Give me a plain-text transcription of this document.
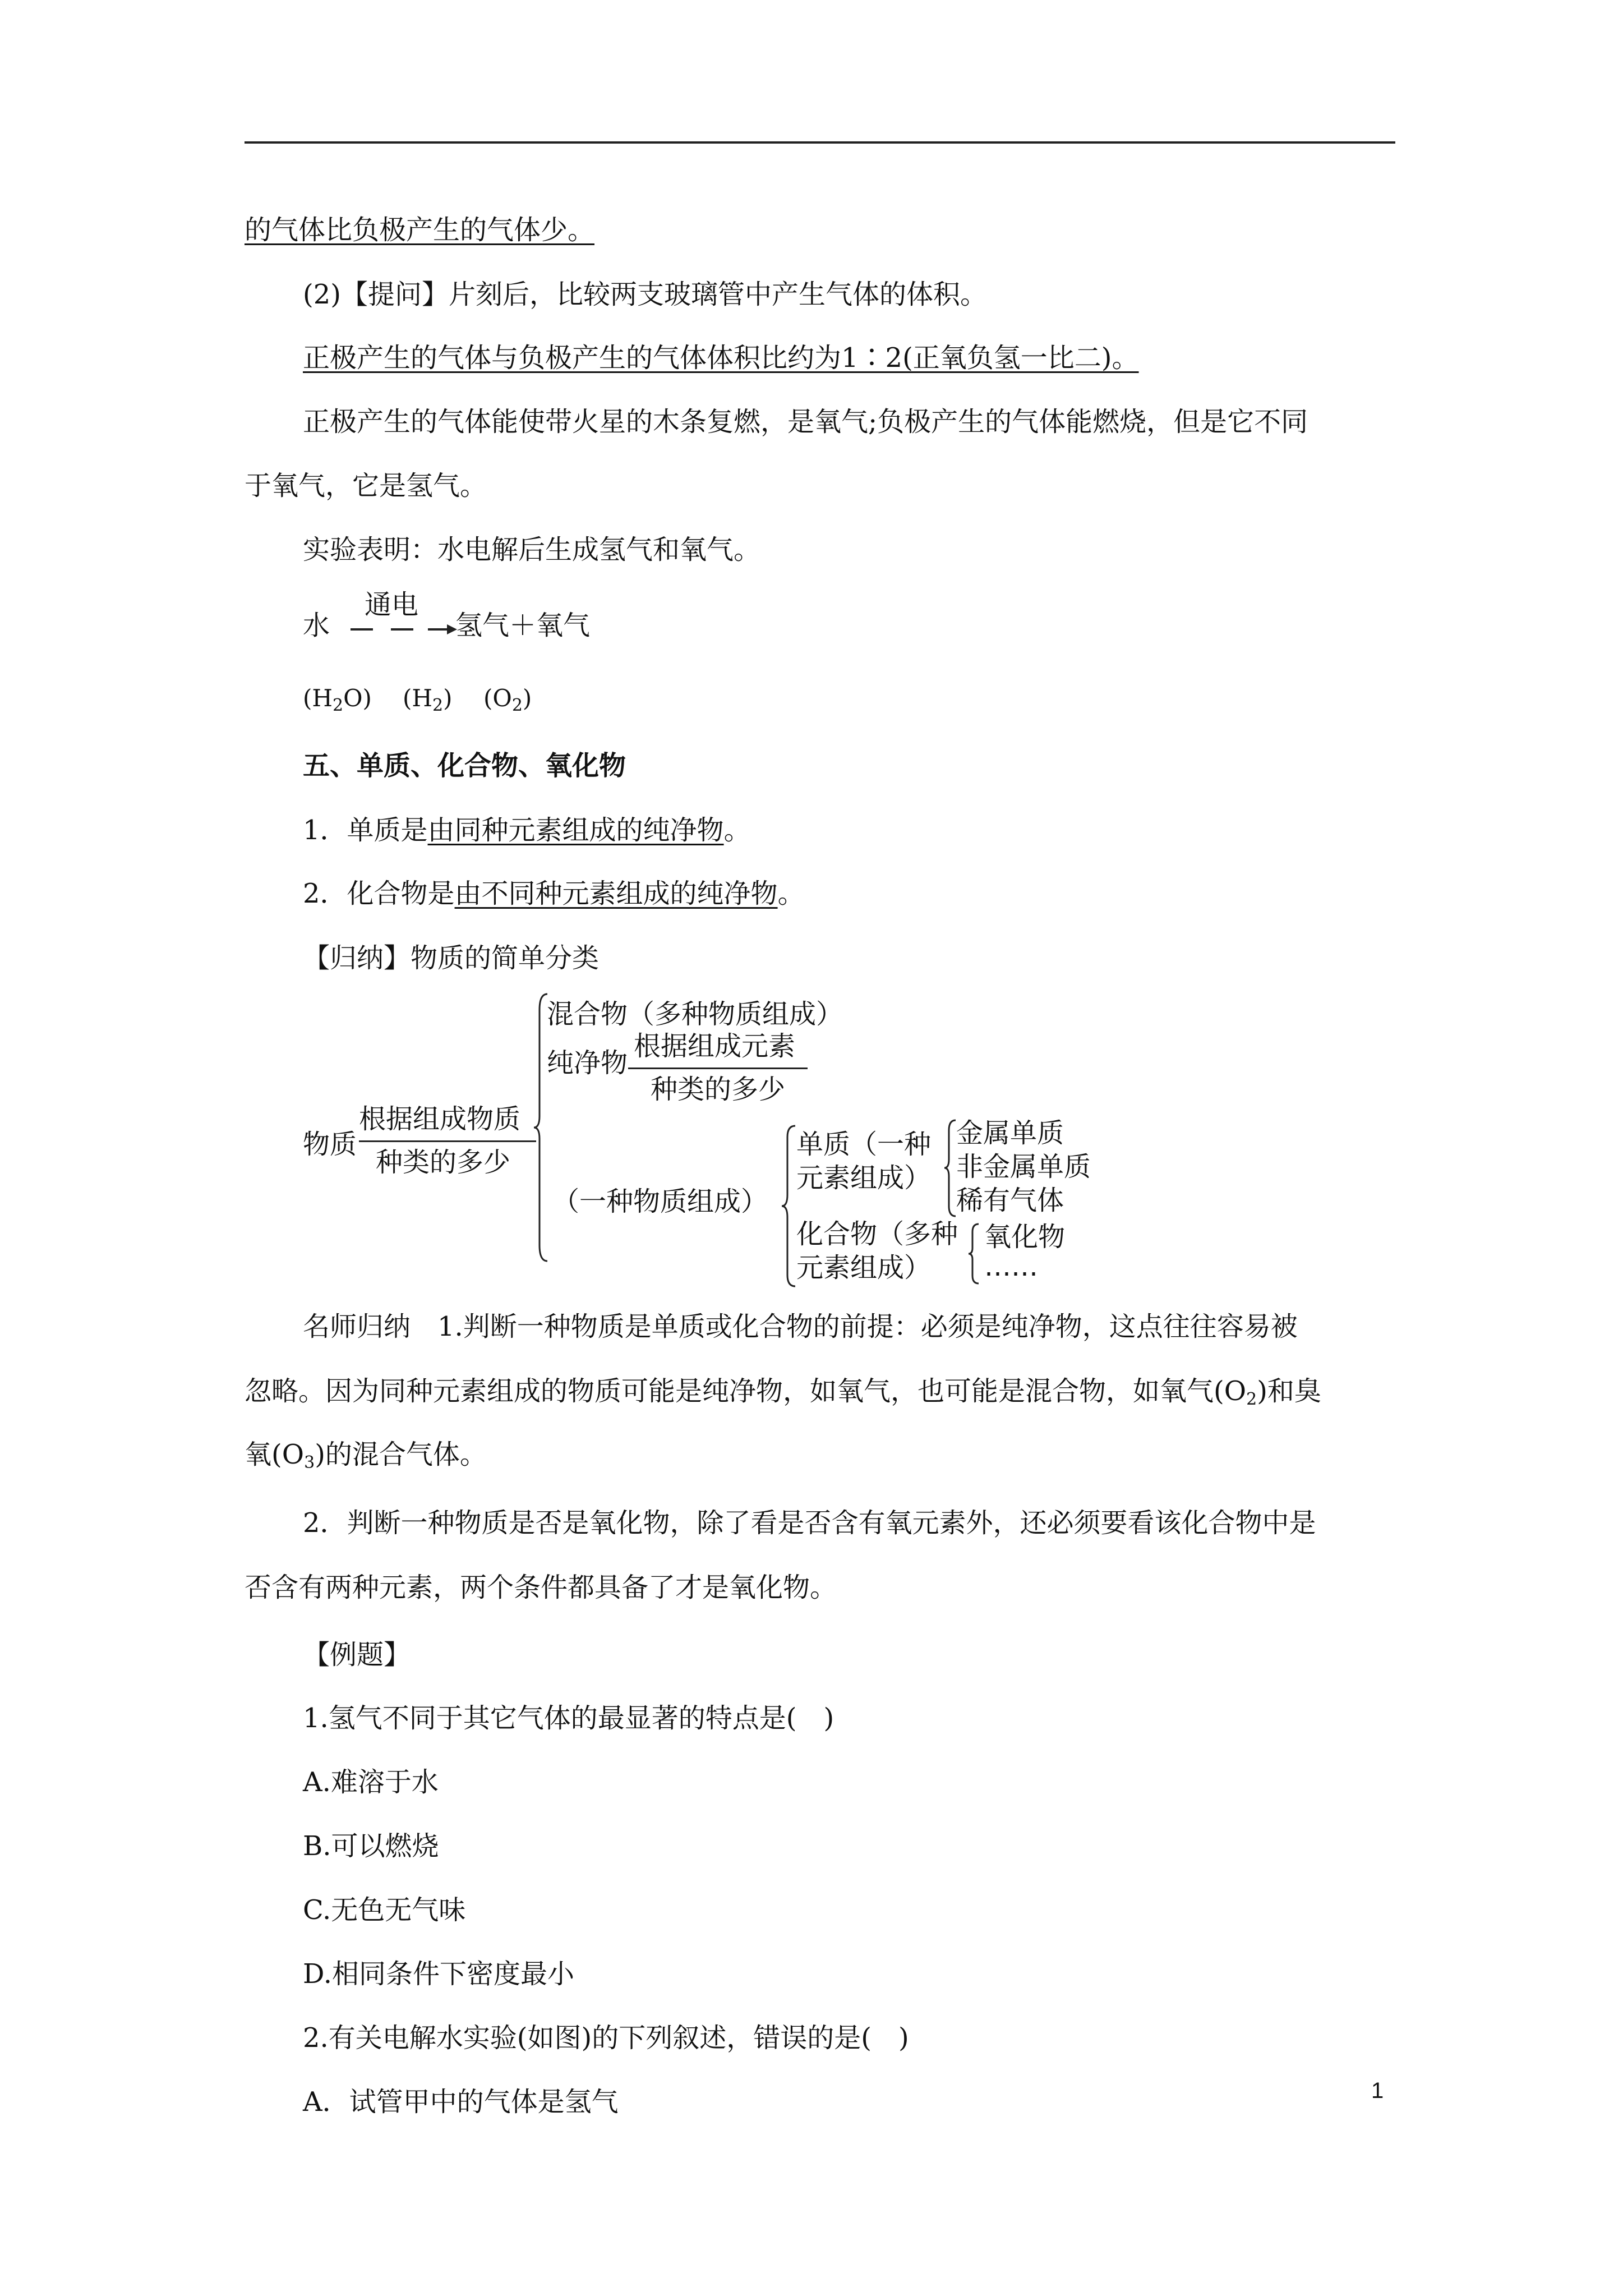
的气体比负极产生的气体少。
(2)【提问】片刻后，比较两支玻璃管中产生气体的体积。
正极产生的气体与负极产生的气体体积比约为1∶2(正氧负氢一比二)。
正极产生的气体能使带火星的木条复燃，是氧气;负极产生的气体能燃烧，但是它不同
于氧气，它是氢气。
实验表明：水电解后生成氢气和氧气。
水
通电
氢气＋氧气
$(H_2O)$ $(H_2)$ $(O_2)$
五、单质、化合物、氧化物
1．单质是由同种元素组成的纯净物。
2．化合物是由不同种元素组成的纯净物。
【归纳】物质的简单分类
物质
根据组成物质
种类的多少
混合物（多种物质组成）
纯净物
根据组成元素
种类的多少
（一种物质组成）
单质（一种
元素组成）
化合物（多种
元素组成）
金属单质
非金属单质
稀有气体
氧化物
……
名师归纳　1.判断一种物质是单质或化合物的前提：必须是纯净物，这点往往容易被
忽略。因为同种元素组成的物质可能是纯净物，如氧气，也可能是混合物，如氧气$(O_2)$和臭
氧$(O_3)$的混合气体。
2．判断一种物质是否是氧化物，除了看是否含有氧元素外，还必须要看该化合物中是
否含有两种元素，两个条件都具备了才是氧化物。
【例题】
1.氢气不同于其它气体的最显著的特点是(　)
A.难溶于水
B.可以燃烧
C.无色无气味
D.相同条件下密度最小
2.有关电解水实验(如图)的下列叙述，错误的是(　)
A．试管甲中的气体是氢气	1
